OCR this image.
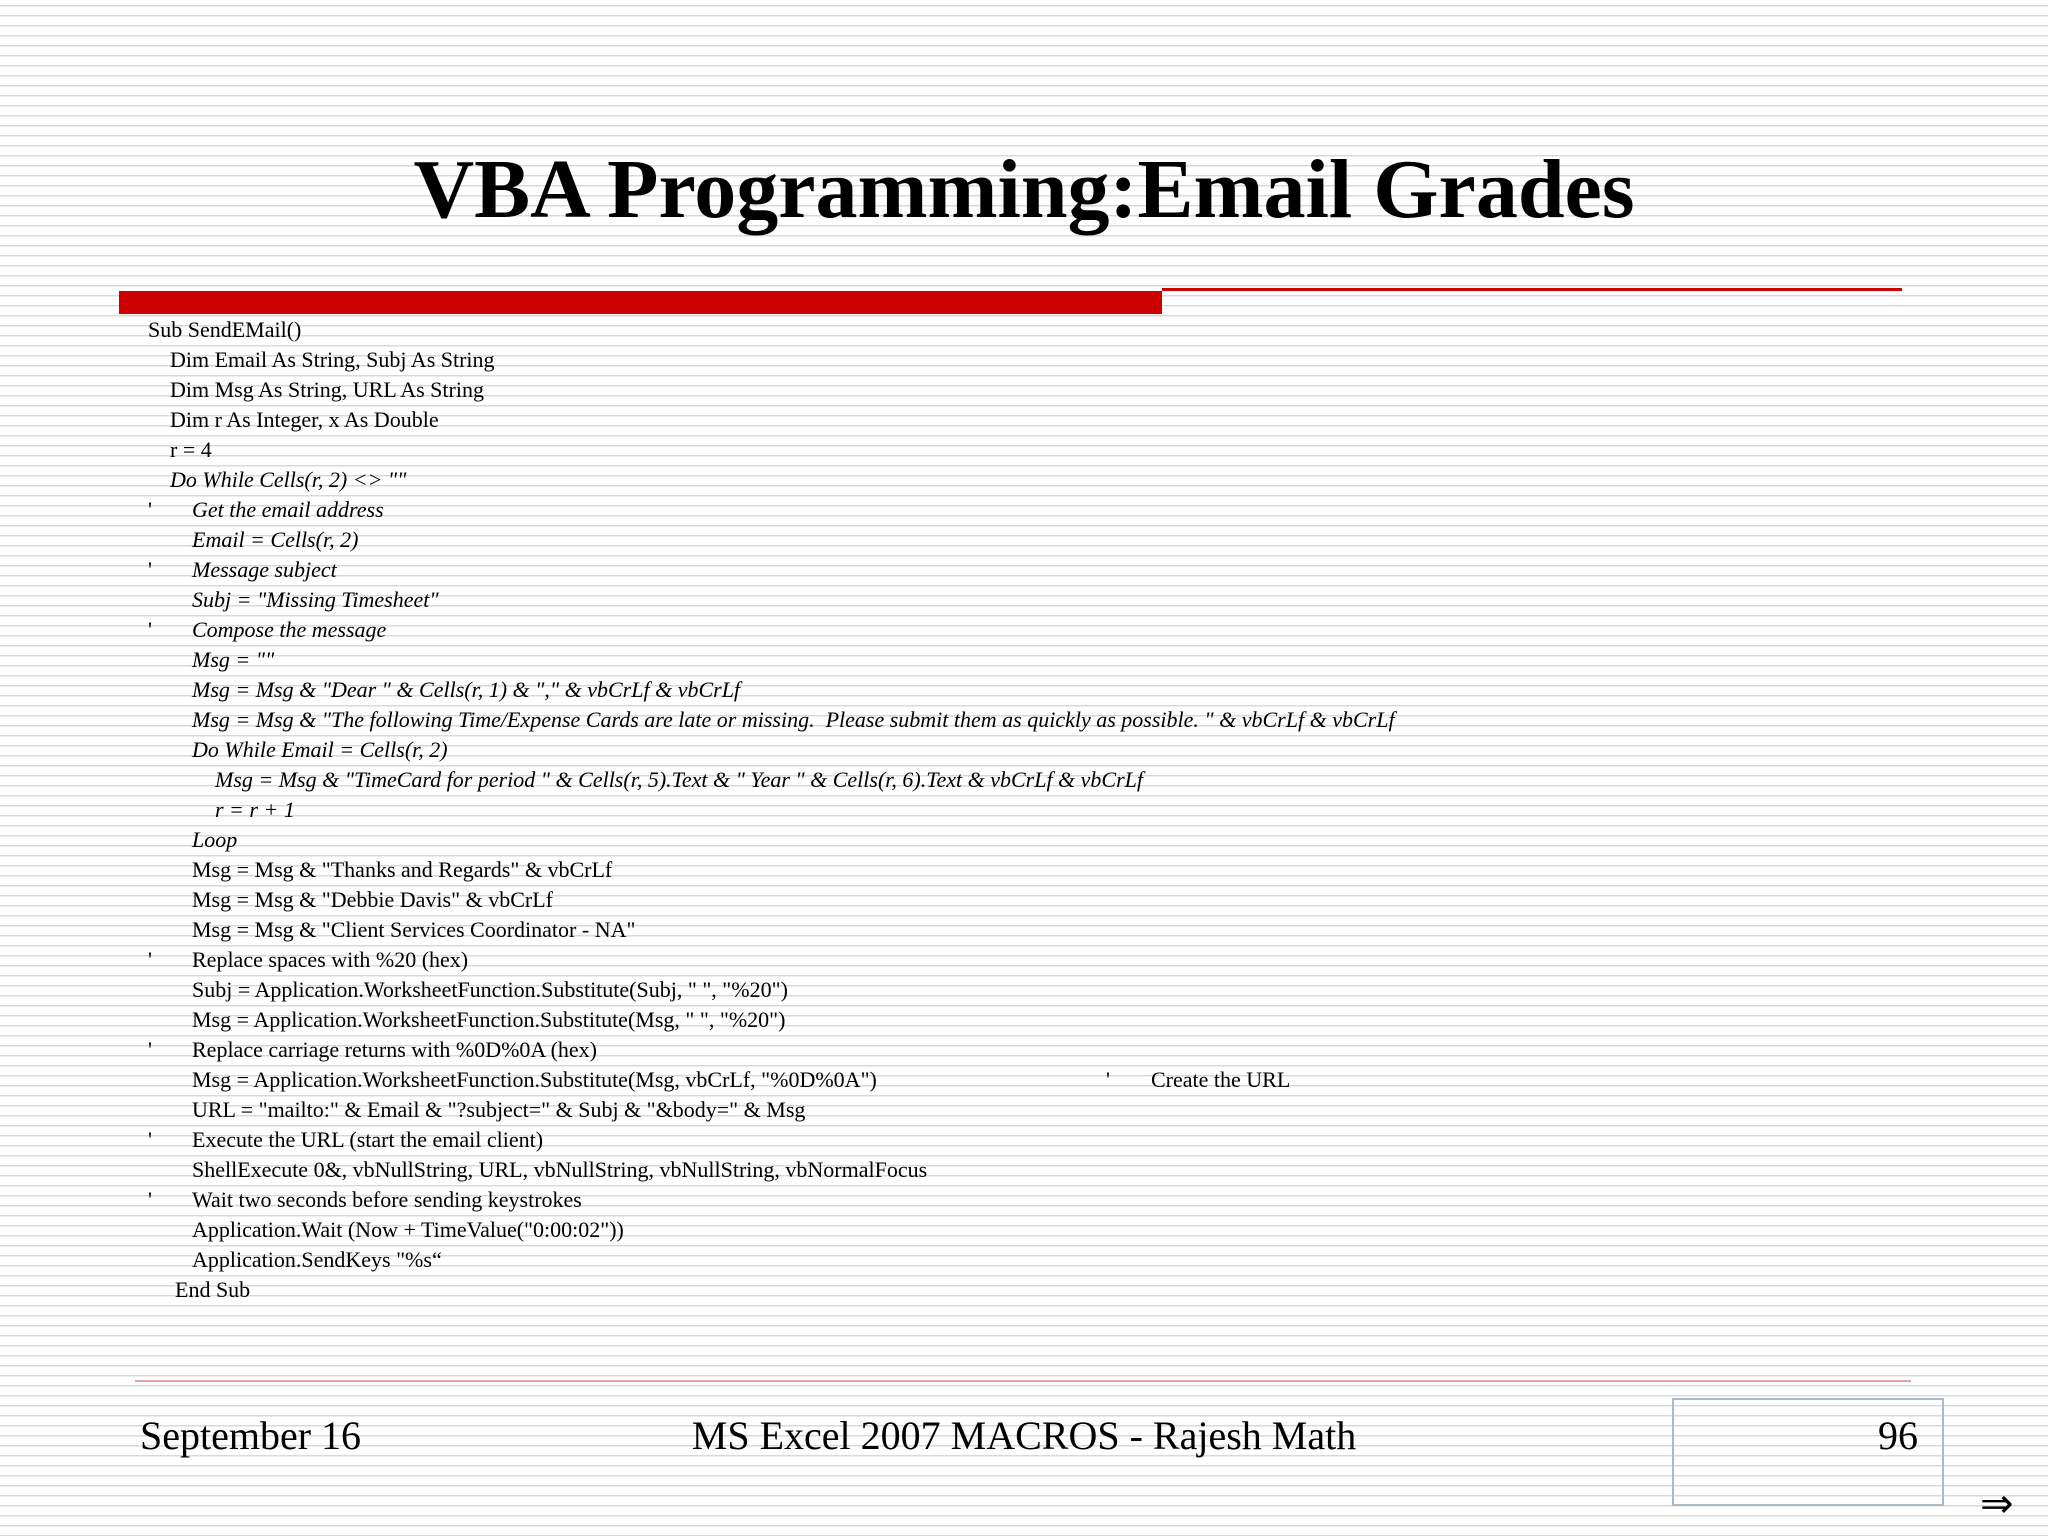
VBA Programming:Email Grades
Sub SendEMail()
Dim Email As String, Subj As String
Dim Msg As String, URL As String
Dim r As Integer, x As Double
r = 4
Do While Cells(r, 2) <> ""
' Get the email address
Email = Cells(r, 2)
' Message subject
Subj = "Missing Timesheet"
' Compose the message
Msg = ""
Msg = Msg & "Dear " & Cells(r, 1) & "," & vbCrLf & vbCrLf
Msg = Msg & "The following Time/Expense Cards are late or missing.  Please submit them as quickly as possible. " & vbCrLf & vbCrLf
Do While Email = Cells(r, 2)
Msg = Msg & "TimeCard for period " & Cells(r, 5).Text & " Year " & Cells(r, 6).Text & vbCrLf & vbCrLf
r = r + 1
Loop
Msg = Msg & "Thanks and Regards" & vbCrLf
Msg = Msg & "Debbie Davis" & vbCrLf
Msg = Msg & "Client Services Coordinator - NA"
' Replace spaces with %20 (hex)
Subj = Application.WorksheetFunction.Substitute(Subj, " ", "%20")
Msg = Application.WorksheetFunction.Substitute(Msg, " ", "%20")
' Replace carriage returns with %0D%0A (hex)
Msg = Application.WorksheetFunction.Substitute(Msg, vbCrLf, "%0D%0A")	' Create the URL
URL = "mailto:" & Email & "?subject=" & Subj & "&body=" & Msg
' Execute the URL (start the email client)
ShellExecute 0&, vbNullString, URL, vbNullString, vbNullString, vbNormalFocus
' Wait two seconds before sending keystrokes
Application.Wait (Now + TimeValue("0:00:02"))
Application.SendKeys "%s“
End Sub
September 16	MS Excel 2007 MACROS - Rajesh Math	96
⇒
